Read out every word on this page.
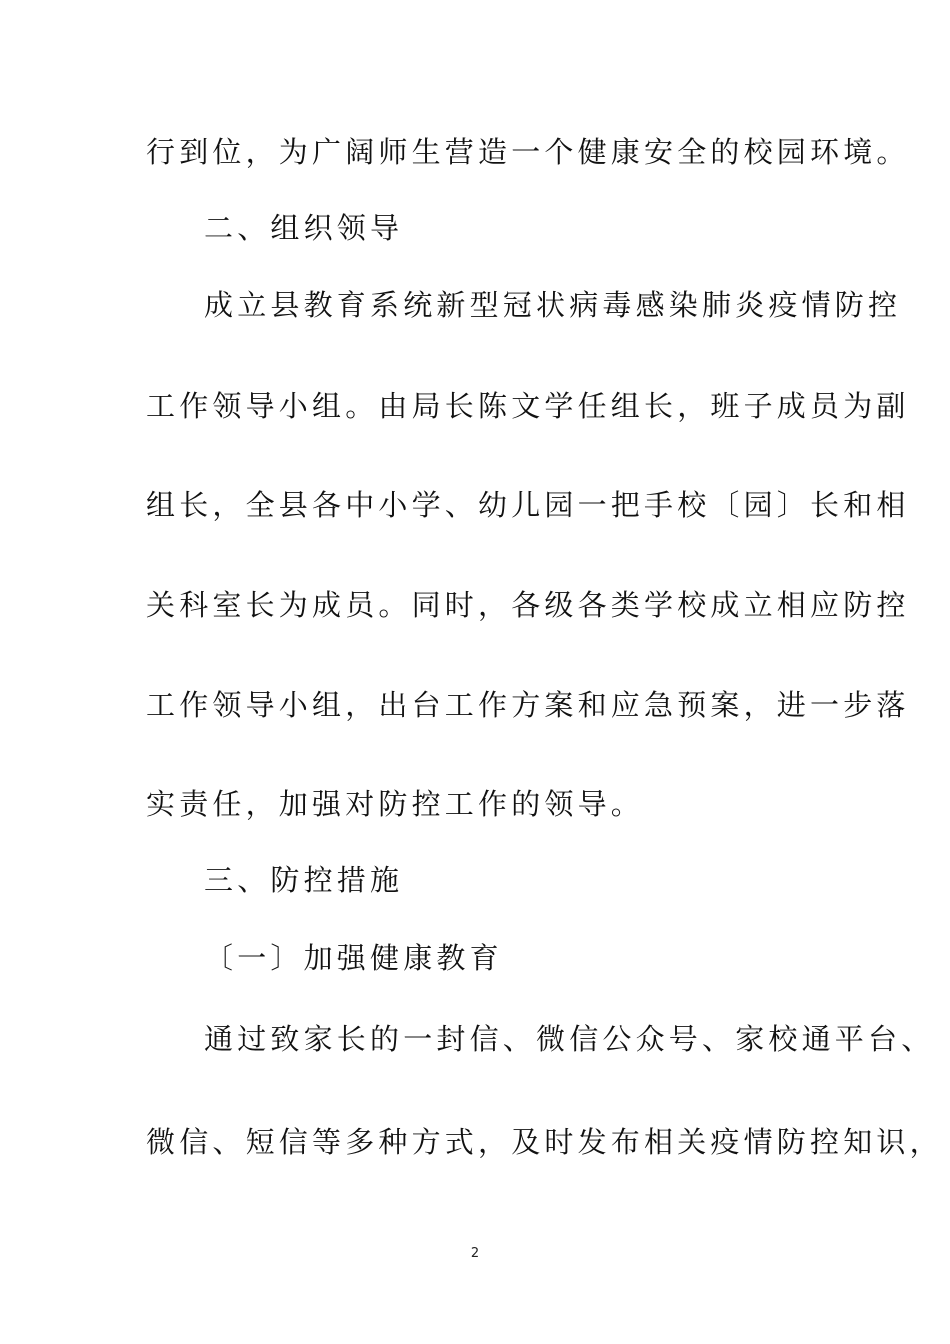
行到位，为广阔师生营造一个健康安全的校园环境。
二、组织领导
成立县教育系统新型冠状病毒感染肺炎疫情防控
工作领导小组。由局长陈文学任组长，班子成员为副
组长，全县各中小学、幼儿园一把手校〔园〕长和相
关科室长为成员。同时，各级各类学校成立相应防控
工作领导小组，出台工作方案和应急预案，进一步落
实责任，加强对防控工作的领导。
三、防控措施
〔一〕加强健康教育
通过致家长的一封信、微信公众号、家校通平台、
微信、短信等多种方式，及时发布相关疫情防控知识，
2
